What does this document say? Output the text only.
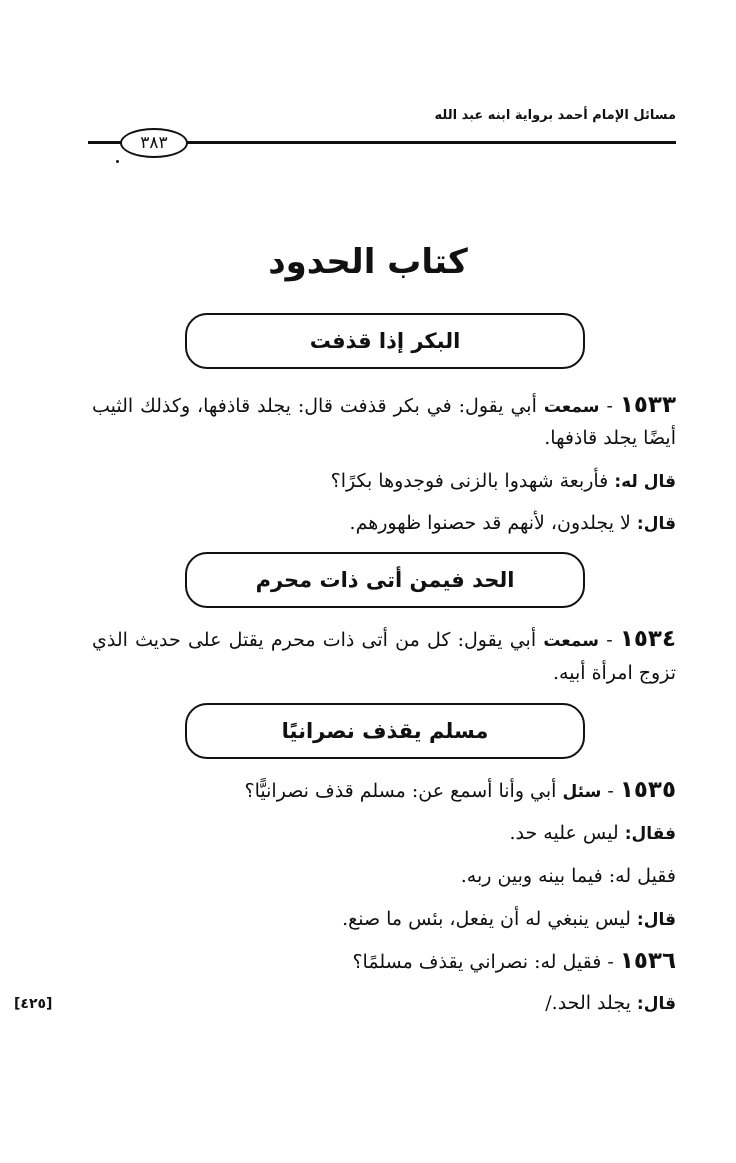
مسائل الإمام أحمد برواية ابنه عبد الله
٣٨٣
كتاب الحدود
البكر إذا قذفت
١٥٣٣ - سمعت أبي يقول: في بكر قذفت قال: يجلد قاذفها، وكذلك الثيب
أيضًا يجلد قاذفها.
قال له: فأربعة شهدوا بالزنى فوجدوها بكرًا؟
قال: لا يجلدون، لأنهم قد حصنوا ظهورهم.
الحد فيمن أتى ذات محرم
١٥٣٤ - سمعت أبي يقول: كل من أتى ذات محرم يقتل على حديث الذي
تزوج امرأة أبيه.
مسلم يقذف نصرانيًا
١٥٣٥ - سئل أبي وأنا أسمع عن: مسلم قذف نصرانيًّا؟
فقال: ليس عليه حد.
فقيل له: فيما بينه وبين ربه.
قال: ليس ينبغي له أن يفعل، بئس ما صنع.
١٥٣٦ - فقيل له: نصراني يقذف مسلمًا؟
قال: يجلد الحد./
[٤٢٥]
